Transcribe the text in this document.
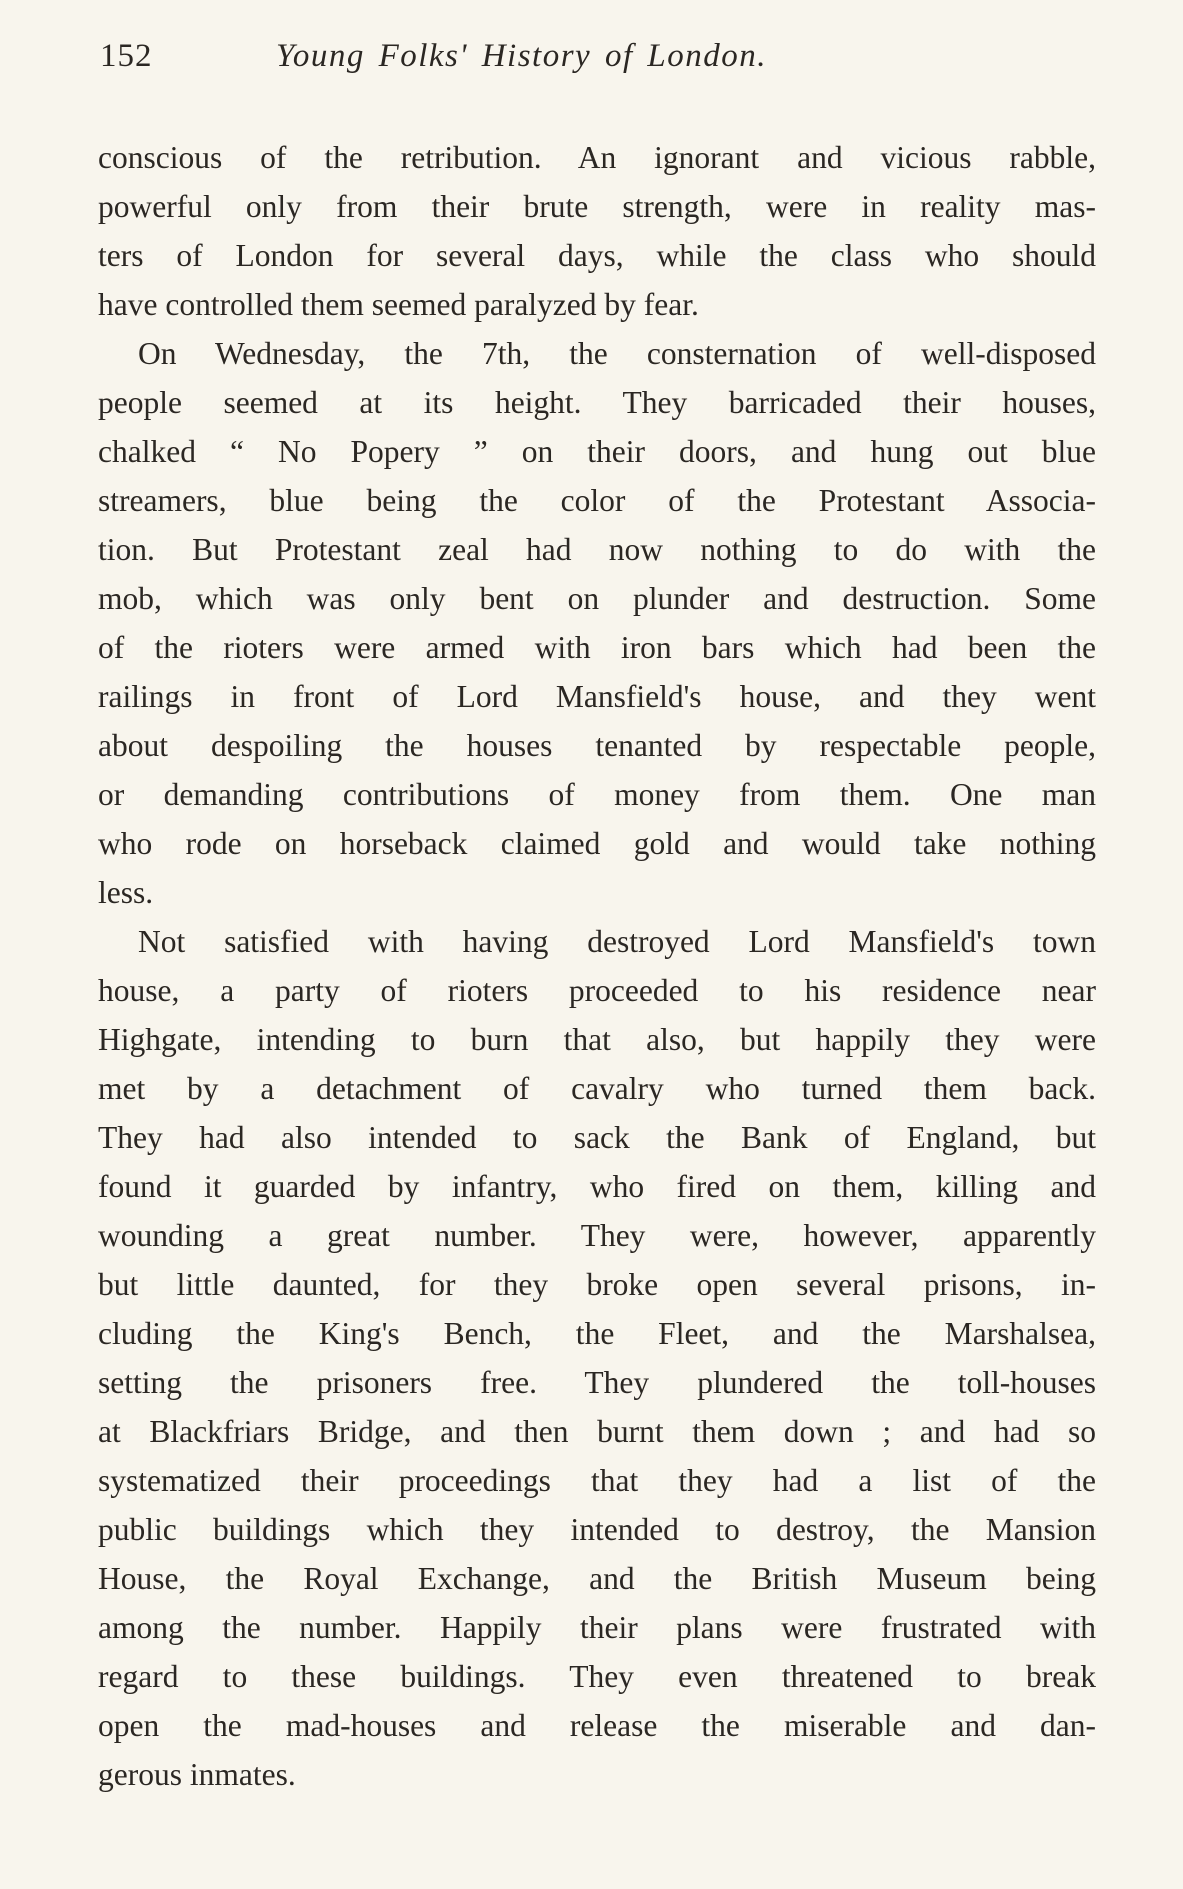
152	Young Folks' History of London.
conscious of the retribution. An ignorant and vicious rabble,
powerful only from their brute strength, were in reality mas-
ters of London for several days, while the class who should
have controlled them seemed paralyzed by fear.
On Wednesday, the 7th, the consternation of well-disposed
people seemed at its height. They barricaded their houses,
chalked “ No Popery ” on their doors, and hung out blue
streamers, blue being the color of the Protestant Associa-
tion. But Protestant zeal had now nothing to do with the
mob, which was only bent on plunder and destruction. Some
of the rioters were armed with iron bars which had been the
railings in front of Lord Mansfield's house, and they went
about despoiling the houses tenanted by respectable people,
or demanding contributions of money from them. One man
who rode on horseback claimed gold and would take nothing
less.
Not satisfied with having destroyed Lord Mansfield's town
house, a party of rioters proceeded to his residence near
Highgate, intending to burn that also, but happily they were
met by a detachment of cavalry who turned them back.
They had also intended to sack the Bank of England, but
found it guarded by infantry, who fired on them, killing and
wounding a great number. They were, however, apparently
but little daunted, for they broke open several prisons, in-
cluding the King's Bench, the Fleet, and the Marshalsea,
setting the prisoners free. They plundered the toll-houses
at Blackfriars Bridge, and then burnt them down ; and had so
systematized their proceedings that they had a list of the
public buildings which they intended to destroy, the Mansion
House, the Royal Exchange, and the British Museum being
among the number. Happily their plans were frustrated with
regard to these buildings. They even threatened to break
open the mad-houses and release the miserable and dan-
gerous inmates.
